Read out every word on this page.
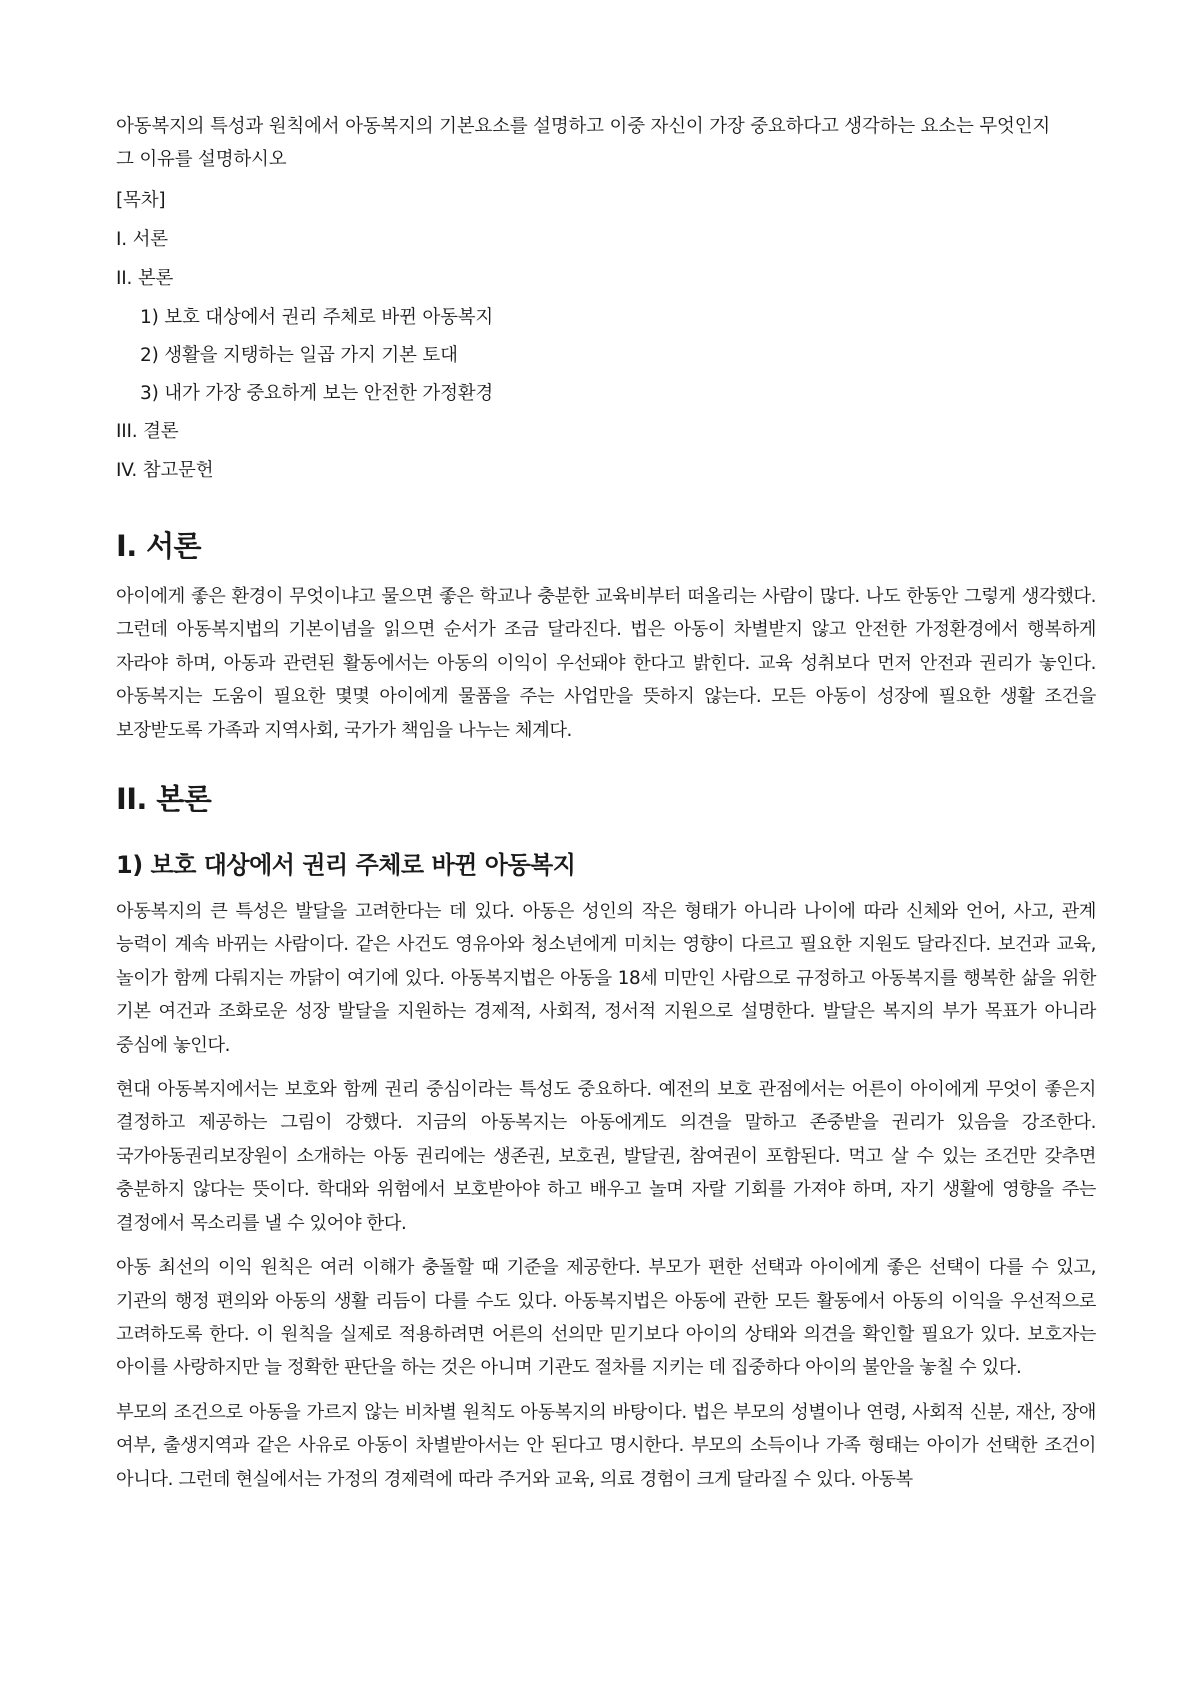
아동복지의 특성과 원칙에서 아동복지의 기본요소를 설명하고 이중 자신이 가장 중요하다고 생각하는 요소는 무엇인지
그 이유를 설명하시오

[목차]
I. 서론
II. 본론
1) 보호 대상에서 권리 주체로 바뀐 아동복지
2) 생활을 지탱하는 일곱 가지 기본 토대
3) 내가 가장 중요하게 보는 안전한 가정환경
III. 결론
IV. 참고문헌
I. 서론

아이에게 좋은 환경이 무엇이냐고 물으면 좋은 학교나 충분한 교육비부터 떠올리는 사람이 많다. 나도 한동안 그렇게 생각했다. 그런데 아동복지법의 기본이념을 읽으면 순서가 조금 달라진다. 법은 아동이 차별받지 않고 안전한 가정환경에서 행복하게 자라야 하며, 아동과 관련된 활동에서는 아동의 이익이 우선돼야 한다고 밝힌다. 교육 성취보다 먼저 안전과 권리가 놓인다. 아동복지는 도움이 필요한 몇몇 아이에게 물품을 주는 사업만을 뜻하지 않는다. 모든 아동이 성장에 필요한 생활 조건을 보장받도록 가족과 지역사회, 국가가 책임을 나누는 체계다.

II. 본론
1) 보호 대상에서 권리 주체로 바뀐 아동복지

아동복지의 큰 특성은 발달을 고려한다는 데 있다. 아동은 성인의 작은 형태가 아니라 나이에 따라 신체와 언어, 사고, 관계 능력이 계속 바뀌는 사람이다. 같은 사건도 영유아와 청소년에게 미치는 영향이 다르고 필요한 지원도 달라진다. 보건과 교육, 놀이가 함께 다뤄지는 까닭이 여기에 있다. 아동복지법은 아동을 18세 미만인 사람으로 규정하고 아동복지를 행복한 삶을 위한 기본 여건과 조화로운 성장 발달을 지원하는 경제적, 사회적, 정서적 지원으로 설명한다. 발달은 복지의 부가 목표가 아니라 중심에 놓인다.

현대 아동복지에서는 보호와 함께 권리 중심이라는 특성도 중요하다. 예전의 보호 관점에서는 어른이 아이에게 무엇이 좋은지 결정하고 제공하는 그림이 강했다. 지금의 아동복지는 아동에게도 의견을 말하고 존중받을 권리가 있음을 강조한다. 국가아동권리보장원이 소개하는 아동 권리에는 생존권, 보호권, 발달권, 참여권이 포함된다. 먹고 살 수 있는 조건만 갖추면 충분하지 않다는 뜻이다. 학대와 위험에서 보호받아야 하고 배우고 놀며 자랄 기회를 가져야 하며, 자기 생활에 영향을 주는 결정에서 목소리를 낼 수 있어야 한다.

아동 최선의 이익 원칙은 여러 이해가 충돌할 때 기준을 제공한다. 부모가 편한 선택과 아이에게 좋은 선택이 다를 수 있고, 기관의 행정 편의와 아동의 생활 리듬이 다를 수도 있다. 아동복지법은 아동에 관한 모든 활동에서 아동의 이익을 우선적으로 고려하도록 한다. 이 원칙을 실제로 적용하려면 어른의 선의만 믿기보다 아이의 상태와 의견을 확인할 필요가 있다. 보호자는 아이를 사랑하지만 늘 정확한 판단을 하는 것은 아니며 기관도 절차를 지키는 데 집중하다 아이의 불안을 놓칠 수 있다.

부모의 조건으로 아동을 가르지 않는 비차별 원칙도 아동복지의 바탕이다. 법은 부모의 성별이나 연령, 사회적 신분, 재산, 장애 여부, 출생지역과 같은 사유로 아동이 차별받아서는 안 된다고 명시한다. 부모의 소득이나 가족 형태는 아이가 선택한 조건이 아니다. 그런데 현실에서는 가정의 경제력에 따라 주거와 교육, 의료 경험이 크게 달라질 수 있다. 아동복
